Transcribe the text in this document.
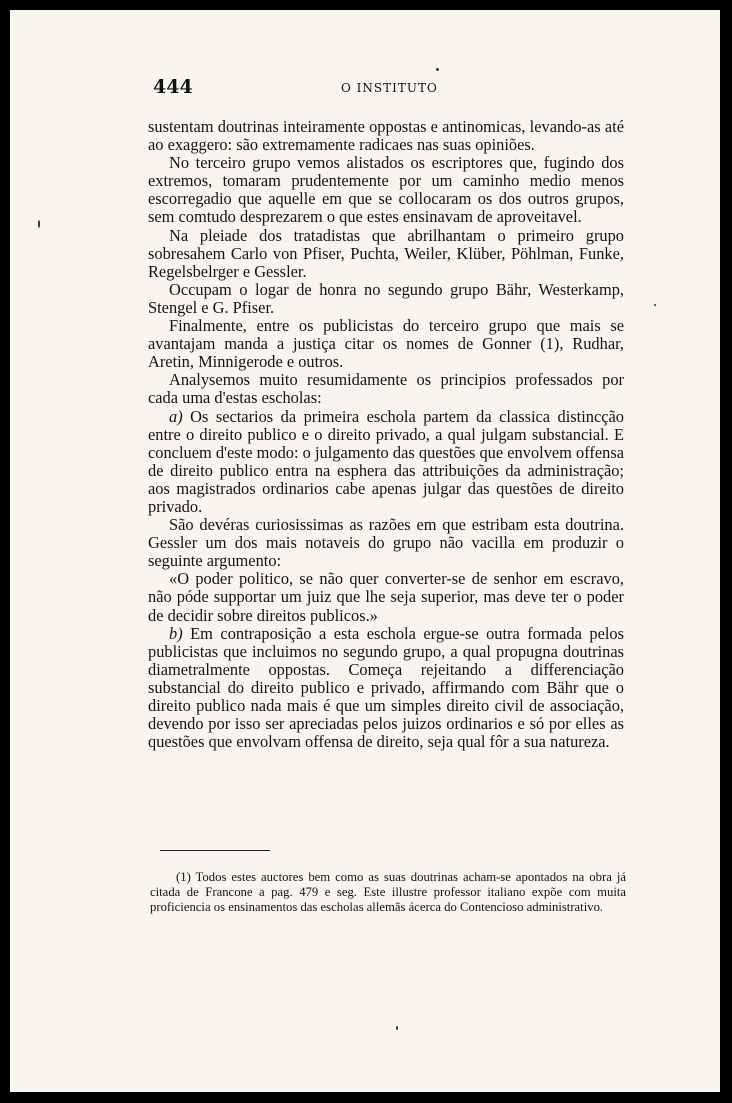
444	O INSTITUTO

sustentam doutrinas inteiramente oppostas e antinomicas, levando-as até ao exaggero: são extremamente radicaes nas suas opiniões.

No terceiro grupo vemos alistados os escriptores que, fugindo dos extremos, tomaram prudentemente por um caminho medio menos escorregadio que aquelle em que se collocaram os dos outros grupos, sem comtudo desprezarem o que estes ensinavam de aproveitavel.

Na pleiade dos tratadistas que abrilhantam o primeiro grupo sobresahem Carlo von Pfiser, Puchta, Weiler, Klüber, Pöhlman, Funke, Regelsbelrger e Gessler.

Occupam o logar de honra no segundo grupo Bähr, Westerkamp, Stengel e G. Pfiser.

Finalmente, entre os publicistas do terceiro grupo que mais se avantajam manda a justiça citar os nomes de Gonner (1), Rudhar, Aretin, Minnigerode e outros.

Analysemos muito resumidamente os principios professados por cada uma d'estas escholas:

a) Os sectarios da primeira eschola partem da classica distincção entre o direito publico e o direito privado, a qual julgam substancial. E concluem d'este modo: o julgamento das questões que envolvem offensa de direito publico entra na esphera das attribuições da administração; aos magistrados ordinarios cabe apenas julgar das questões de direito privado.

São devéras curiosissimas as razões em que estribam esta doutrina. Gessler um dos mais notaveis do grupo não vacilla em produzir o seguinte argumento:

«O poder politico, se não quer converter-se de senhor em escravo, não póde supportar um juiz que lhe seja superior, mas deve ter o poder de decidir sobre direitos publicos.»

b) Em contraposição a esta eschola ergue-se outra formada pelos publicistas que incluimos no segundo grupo, a qual propugna doutrinas diametralmente oppostas. Começa rejeitando a differenciação substancial do direito publico e privado, affirmando com Bähr que o direito publico nada mais é que um simples direito civil de associação, devendo por isso ser apreciadas pelos juizos ordinarios e só por elles as questões que envolvam offensa de direito, seja qual fôr a sua natureza.

(1) Todos estes auctores bem como as suas doutrinas acham-se apontados na obra já citada de Francone a pag. 479 e seg. Este illustre professor italiano expõe com muita proficiencia os ensinamentos das escholas allemãs ácerca do Contencioso administrativo.
